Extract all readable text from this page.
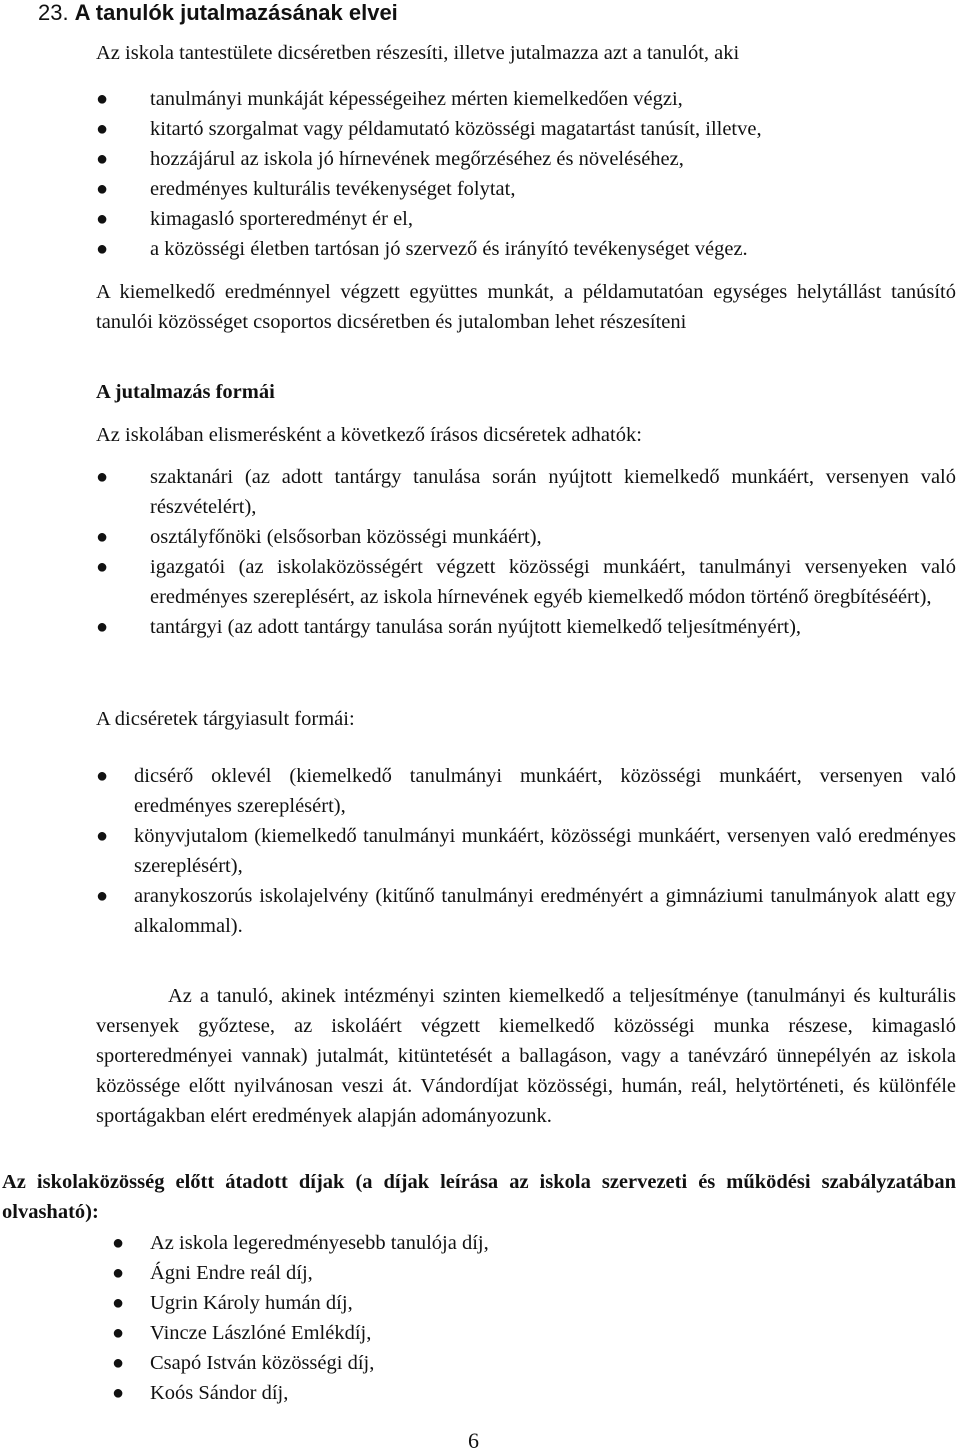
23. A tanulók jutalmazásának elvei
Az iskola tantestülete dicséretben részesíti, illetve jutalmazza azt a tanulót, aki
● tanulmányi munkáját képességeihez mérten kiemelkedően végzi,
● kitartó szorgalmat vagy példamutató közösségi magatartást tanúsít, illetve,
● hozzájárul az iskola jó hírnevének megőrzéséhez és növeléséhez,
● eredményes kulturális tevékenységet folytat,
● kimagasló sporteredményt ér el,
● a közösségi életben tartósan jó szervező és irányító tevékenységet végez.
A kiemelkedő eredménnyel végzett együttes munkát, a példamutatóan egységes helytállást tanúsító tanulói közösséget csoportos dicséretben és jutalomban lehet részesíteni
A jutalmazás formái
Az iskolában elismerésként a következő írásos dicséretek adhatók:
● szaktanári (az adott tantárgy tanulása során nyújtott kiemelkedő munkáért, versenyen való részvételért),
● osztályfőnöki (elsősorban közösségi munkáért),
● igazgatói (az iskolaközösségért végzett közösségi munkáért, tanulmányi versenyeken való eredményes szereplésért, az iskola hírnevének egyéb kiemelkedő módon történő öregbítéséért),
● tantárgyi (az adott tantárgy tanulása során nyújtott kiemelkedő teljesítményért),
A dicséretek tárgyiasult formái:
● dicsérő oklevél (kiemelkedő tanulmányi munkáért, közösségi munkáért, versenyen való eredményes szereplésért),
● könyvjutalom (kiemelkedő tanulmányi munkáért, közösségi munkáért, versenyen való eredményes szereplésért),
● aranykoszorús iskolajelvény (kitűnő tanulmányi eredményért a gimnáziumi tanulmányok alatt egy alkalommal).
Az a tanuló, akinek intézményi szinten kiemelkedő a teljesítménye (tanulmányi és kulturális versenyek győztese, az iskoláért végzett kiemelkedő közösségi munka részese, kimagasló sporteredményei vannak) jutalmát, kitüntetését a ballagáson, vagy a tanévzáró ünnepélyén az iskola közössége előtt nyilvánosan veszi át. Vándordíjat közösségi, humán, reál, helytörténeti, és különféle sportágakban elért eredmények alapján adományozunk.
Az iskolaközösség előtt átadott díjak (a díjak leírása az iskola szervezeti és működési szabályzatában olvasható):
● Az iskola legeredményesebb tanulója díj,
● Ágni Endre reál díj,
● Ugrin Károly humán díj,
● Vincze Lászlóné Emlékdíj,
● Csapó István közösségi díj,
● Koós Sándor díj,
6
